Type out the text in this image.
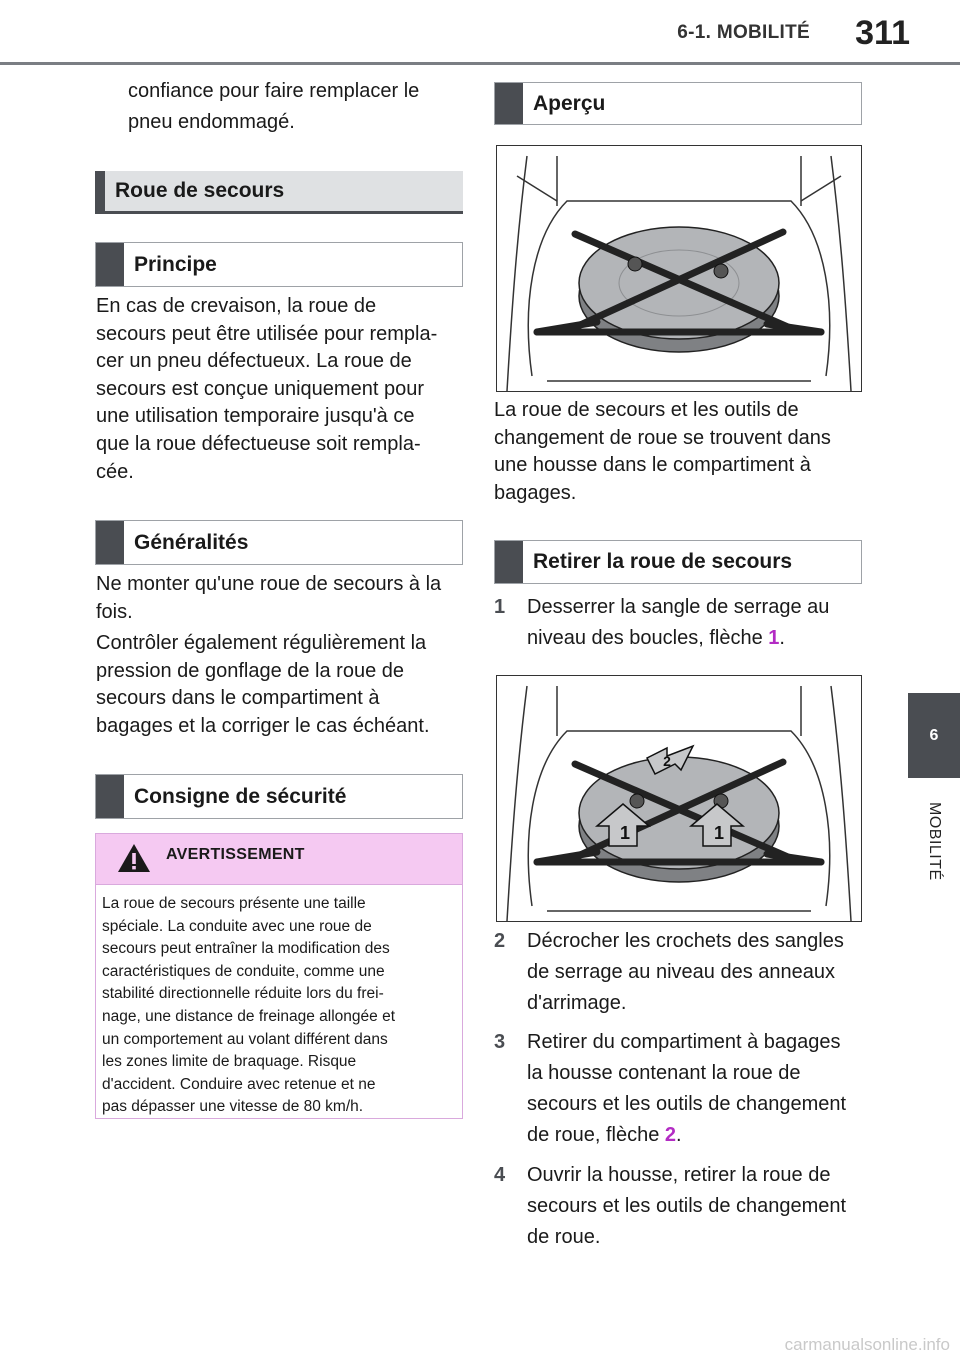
6-1. MOBILITÉ	311
6
MOBILITÉ
confiance pour faire remplacer le
pneu endommagé.
Roue de secours
Principe
En cas de crevaison, la roue de
secours peut être utilisée pour rempla-
cer un pneu défectueux. La roue de
secours est conçue uniquement pour
une utilisation temporaire jusqu'à ce
que la roue défectueuse soit rempla-
cée.
Généralités
Ne monter qu'une roue de secours à la
fois.
Contrôler également régulièrement la
pression de gonflage de la roue de
secours dans le compartiment à
bagages et la corriger le cas échéant.
Consigne de sécurité
AVERTISSEMENT
La roue de secours présente une taille
spéciale. La conduite avec une roue de
secours peut entraîner la modification des
caractéristiques de conduite, comme une
stabilité directionnelle réduite lors du frei-
nage, une distance de freinage allongée et
un comportement au volant différent dans
les zones limite de braquage. Risque
d'accident. Conduire avec retenue et ne
pas dépasser une vitesse de 80 km/h.
Aperçu
La roue de secours et les outils de
changement de roue se trouvent dans
une housse dans le compartiment à
bagages.
Retirer la roue de secours
1 Desserrer la sangle de serrage au
niveau des boucles, flèche 1.
1	1
2
2 Décrocher les crochets des sangles
de serrage au niveau des anneaux
d'arrimage.
3 Retirer du compartiment à bagages
la housse contenant la roue de
secours et les outils de changement
de roue, flèche 2.
4 Ouvrir la housse, retirer la roue de
secours et les outils de changement
de roue.
carmanualsonline.info
